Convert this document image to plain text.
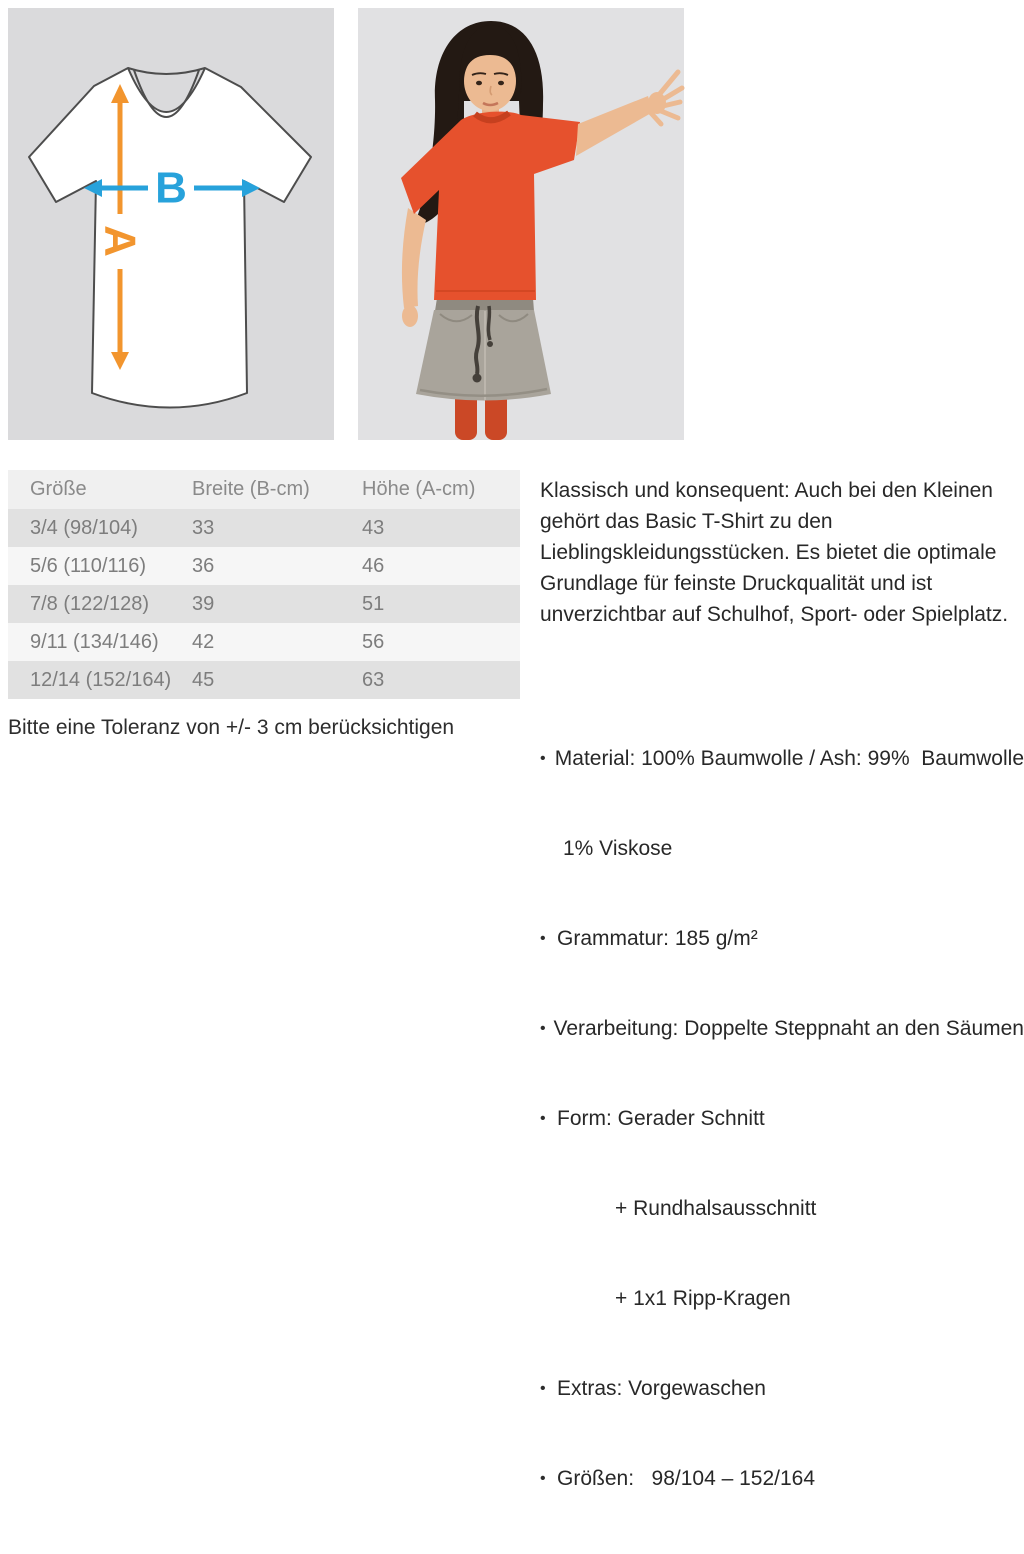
A
B
Größe	Breite (B-cm)	Höhe (A-cm)
3/4 (98/104)	33	43
5/6 (110/116)	36	46
7/8 (122/128)	39	51
9/11 (134/146)	42	56
12/14 (152/164)	45	63

Bitte eine Toleranz von +/- 3 cm berücksichtigen

Klassisch und konsequent: Auch bei den Kleinen
gehört das Basic T-Shirt zu den
Lieblingskleidungsstücken. Es bietet die optimale
Grundlage für feinste Druckqualität und ist
unverzichtbar auf Schulhof, Sport- oder Spielplatz.

• Material: 100% Baumwolle / Ash: 99%  Baumwolle

1% Viskose

• Grammatur: 185 g/m²

• Verarbeitung: Doppelte Steppnaht an den Säumen

• Form: Gerader Schnitt

+ Rundhalsausschnitt

+ 1x1 Ripp-Kragen

• Extras: Vorgewaschen

• Größen:   98/104 – 152/164
